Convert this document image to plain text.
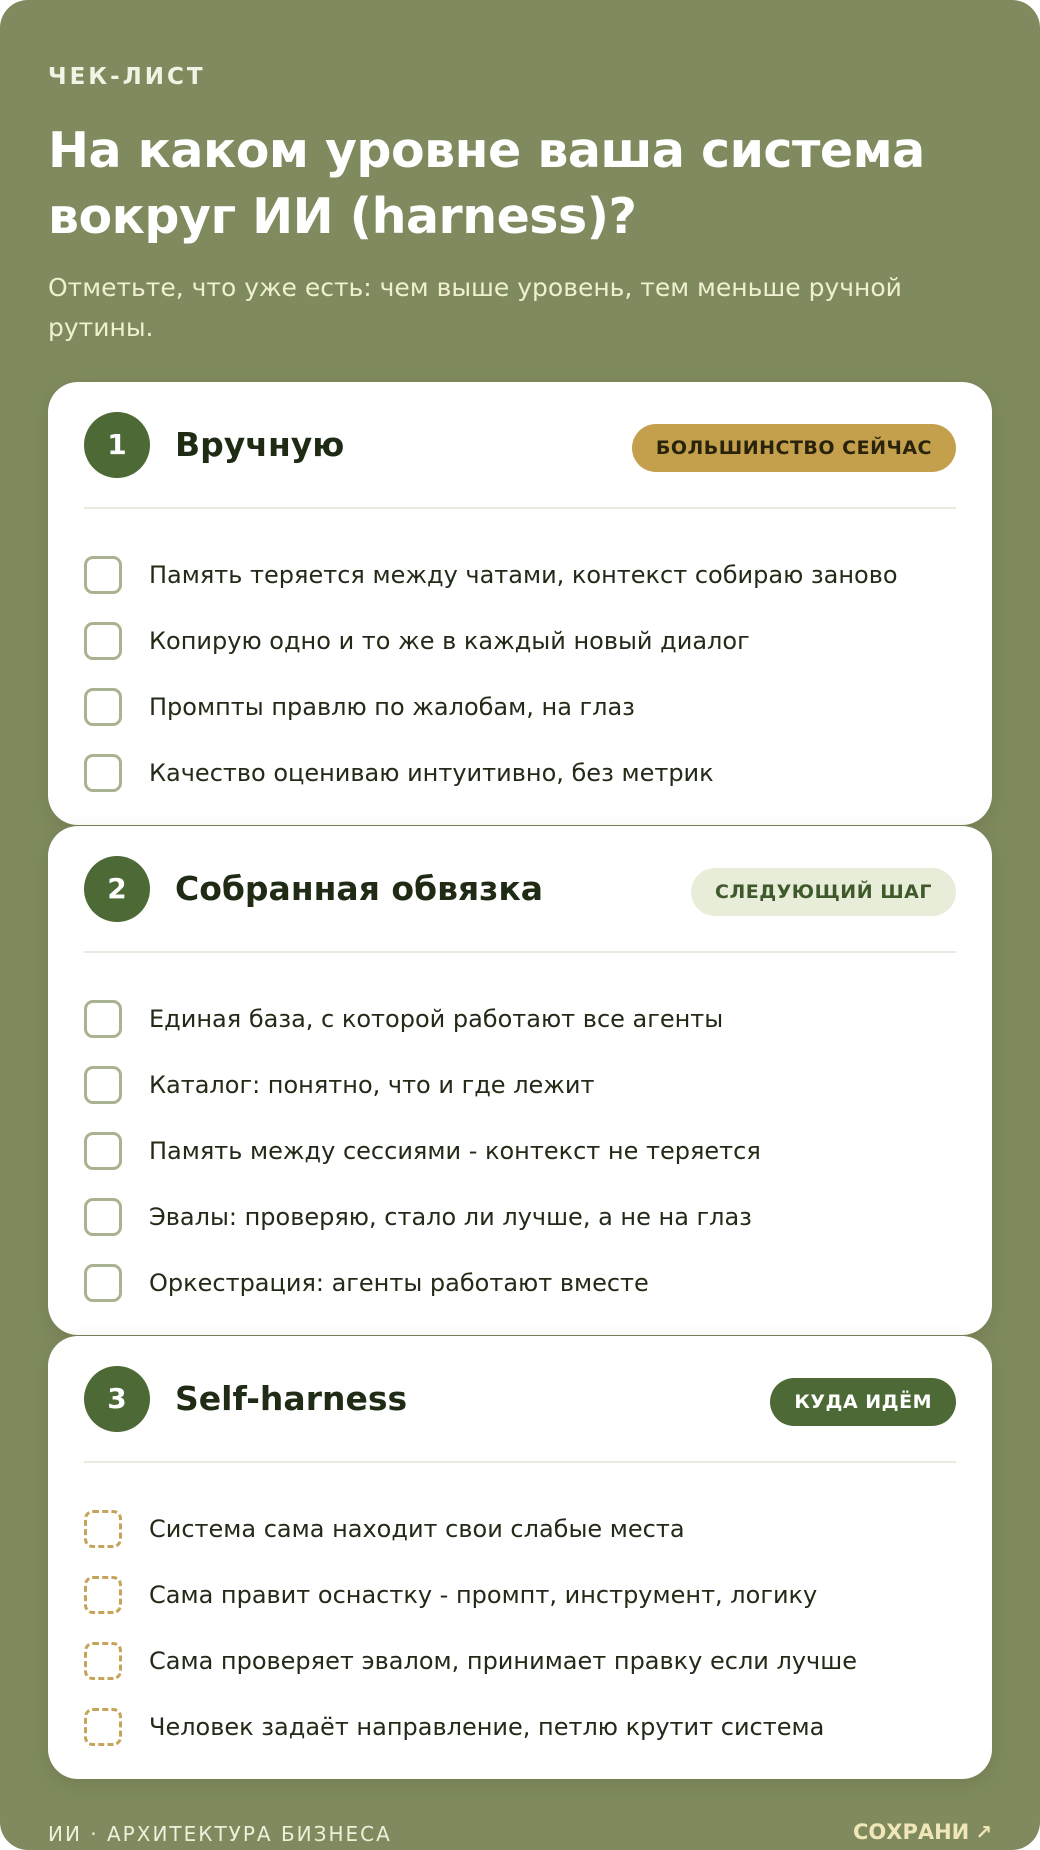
ЧЕК-ЛИСТ
На каком уровне ваша система вокруг ИИ (harness)?

Отметьте, что уже есть: чем выше уровень, тем меньше ручной рутины.

1	Вручную	БОЛЬШИНСТВО СЕЙЧАС
Память теряется между чатами, контекст собираю заново
Копирую одно и то же в каждый новый диалог
Промпты правлю по жалобам, на глаз
Качество оцениваю интуитивно, без метрик
2	Собранная обвязка	СЛЕДУЮЩИЙ ШАГ
Единая база, с которой работают все агенты
Каталог: понятно, что и где лежит
Память между сессиями - контекст не теряется
Эвалы: проверяю, стало ли лучше, а не на глаз
Оркестрация: агенты работают вместе
3	Self-harness	КУДА ИДЁМ
Система сама находит свои слабые места
Сама правит оснастку - промпт, инструмент, логику
Сама проверяет эвалом, принимает правку если лучше
Человек задаёт направление, петлю крутит система
ИИ · АРХИТЕКТУРА БИЗНЕСА	СОХРАНИ ↗
